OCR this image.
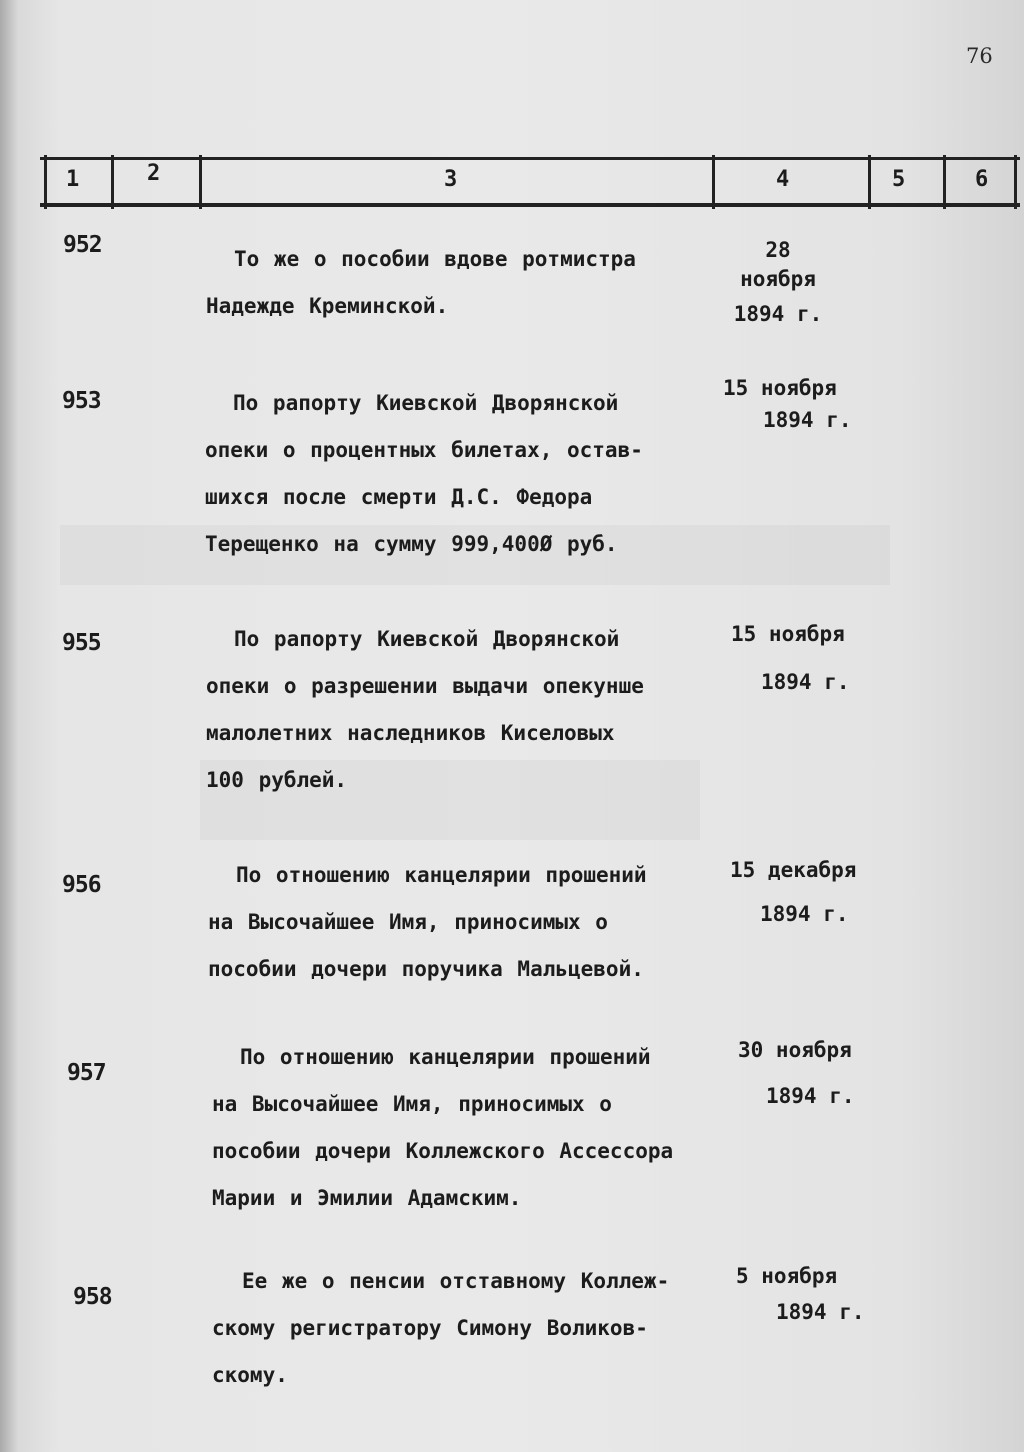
76
1	2	3	4	5	6
952
То же о пособии вдове ротмистра
Надежде Креминской.
28
ноября
1894 г.
953	По рапорту Киевской Дворянской
опеки о процентных билетах, остав-
шихся после смерти Д.С. Федора
Терещенко на сумму 999,400Ø руб.
15 ноября
1894 г.
955	По рапорту Киевской Дворянской
опеки о разрешении выдачи опекунше
малолетних наследников Киселовых
100 рублей.
15 ноября
1894 г.
956	По отношению канцелярии прошений
на Высочайшее Имя, приносимых о
пособии дочери поручика Мальцевой.
15 декабря
1894 г.
957
По отношению канцелярии прошений
на Высочайшее Имя, приносимых о
пособии дочери Коллежского Ассессора
Марии и Эмилии Адамским.
30 ноября
1894 г.
958
Ее же о пенсии отставному Коллеж-
скому регистратору Симону Воликов-
скому.
5 ноября
1894 г.
